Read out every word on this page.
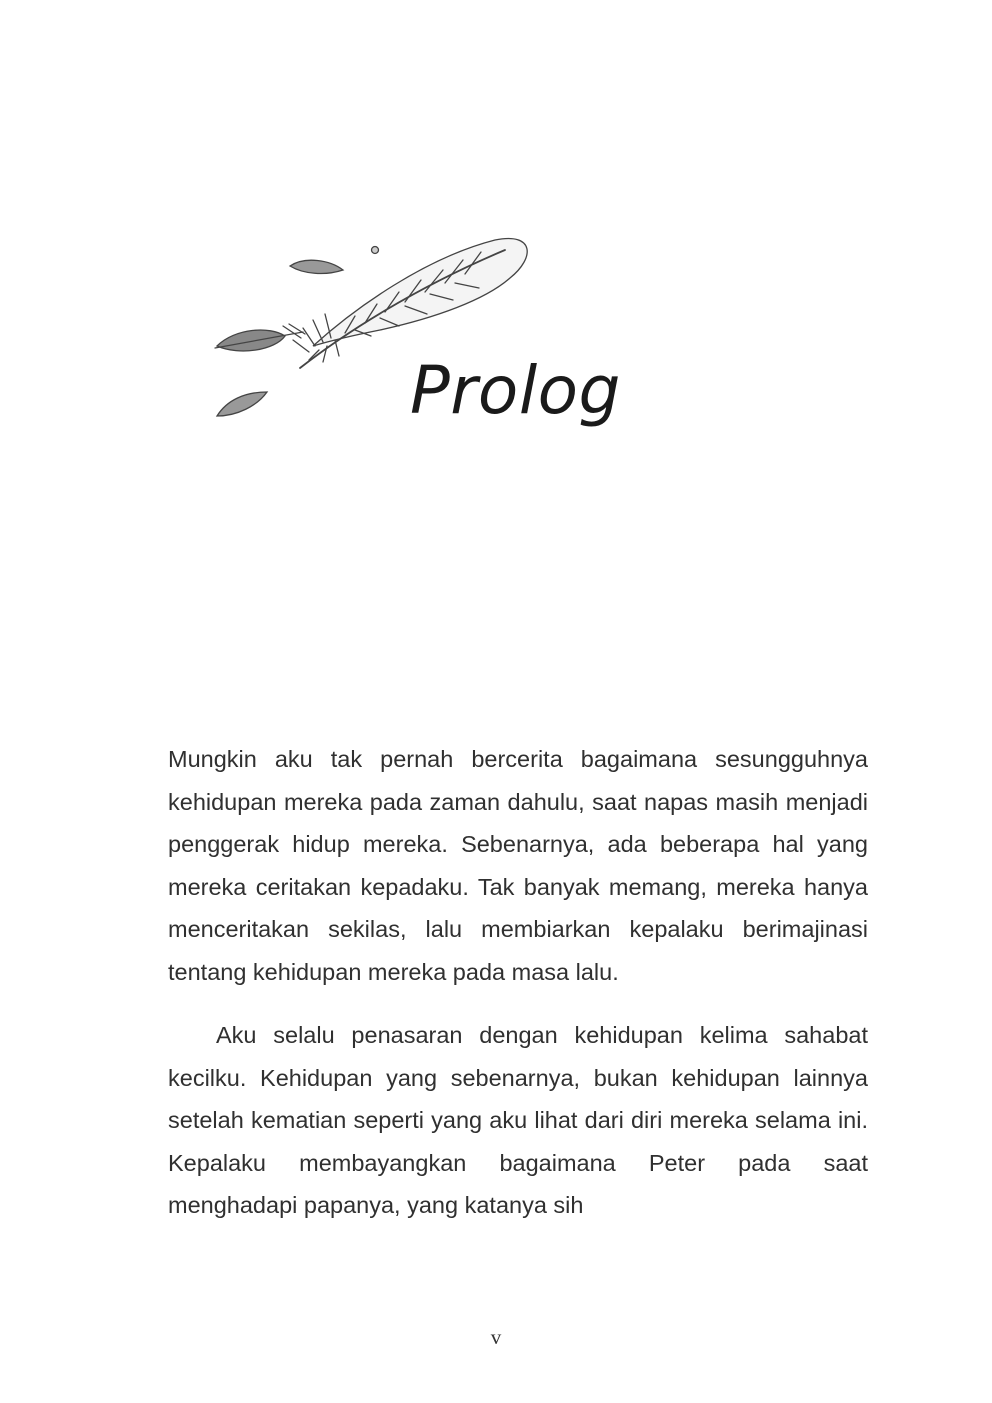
Prolog

Mungkin aku tak pernah bercerita bagaimana sesungguhnya kehidupan mereka pada zaman dahulu, saat napas masih menjadi penggerak hidup mereka. Sebenarnya, ada beberapa hal yang mereka ceritakan kepadaku. Tak banyak memang, mereka hanya menceritakan sekilas, lalu membiarkan kepalaku berimajinasi tentang kehidupan mereka pada masa lalu.

Aku selalu penasaran dengan kehidupan kelima sahabat kecilku. Kehidupan yang sebenarnya, bukan kehidupan lainnya setelah kematian seperti yang aku lihat dari diri mereka selama ini. Kepalaku membayangkan bagaimana Peter pada saat menghadapi papanya, yang katanya sih

v
